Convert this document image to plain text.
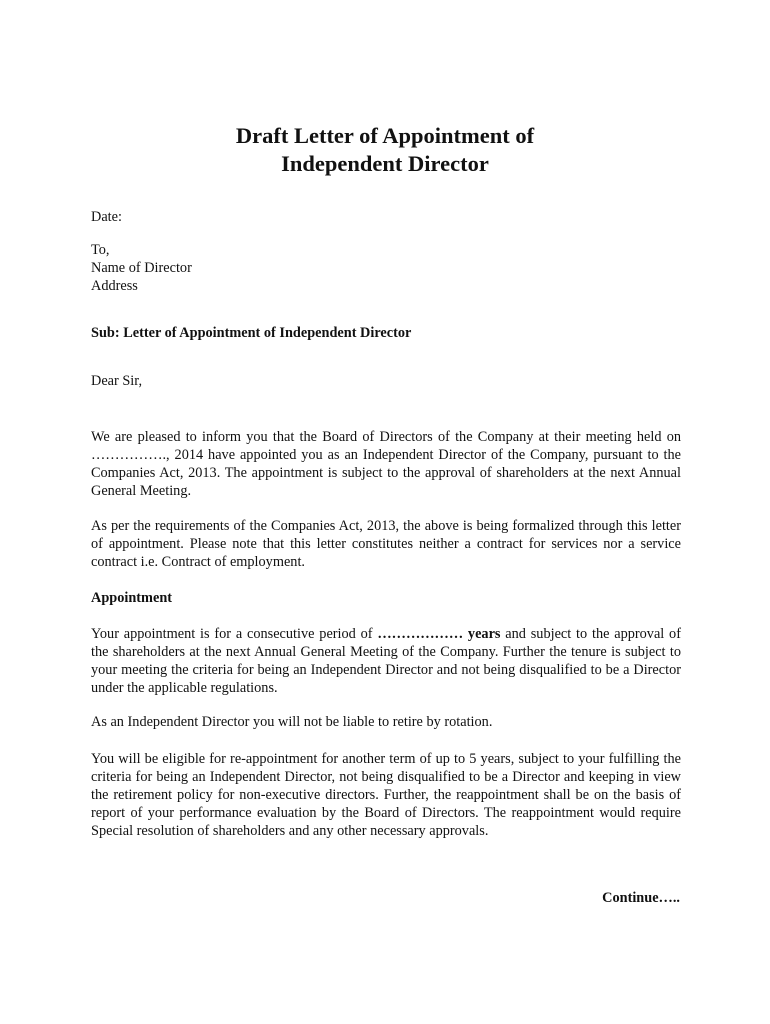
Draft Letter of Appointment of
Independent Director
Date:
To,
Name of Director
Address
Sub: Letter of Appointment of Independent Director
Dear Sir,
We are pleased to inform you that the Board of Directors of the Company at their meeting held on ……………., 2014 have appointed you as an Independent Director of the Company, pursuant to the Companies Act, 2013. The appointment is subject to the approval of shareholders at the next Annual General Meeting.
As per the requirements of the Companies Act, 2013, the above is being formalized through this letter of appointment. Please note that this letter constitutes neither a contract for services nor a service contract i.e. Contract of employment.
Appointment
Your appointment is for a consecutive period of ……………… years and subject to the approval of the shareholders at the next Annual General Meeting of the Company. Further the tenure is subject to your meeting the criteria for being an Independent Director and not being disqualified to be a Director under the applicable regulations.
As an Independent Director you will not be liable to retire by rotation.
You will be eligible for re-appointment for another term of up to 5 years, subject to your fulfilling the criteria for being an Independent Director, not being disqualified to be a Director and keeping in view the retirement policy for non-executive directors. Further, the reappointment shall be on the basis of report of your performance evaluation by the Board of Directors. The reappointment would require Special resolution of shareholders and any other necessary approvals.
Continue…..
